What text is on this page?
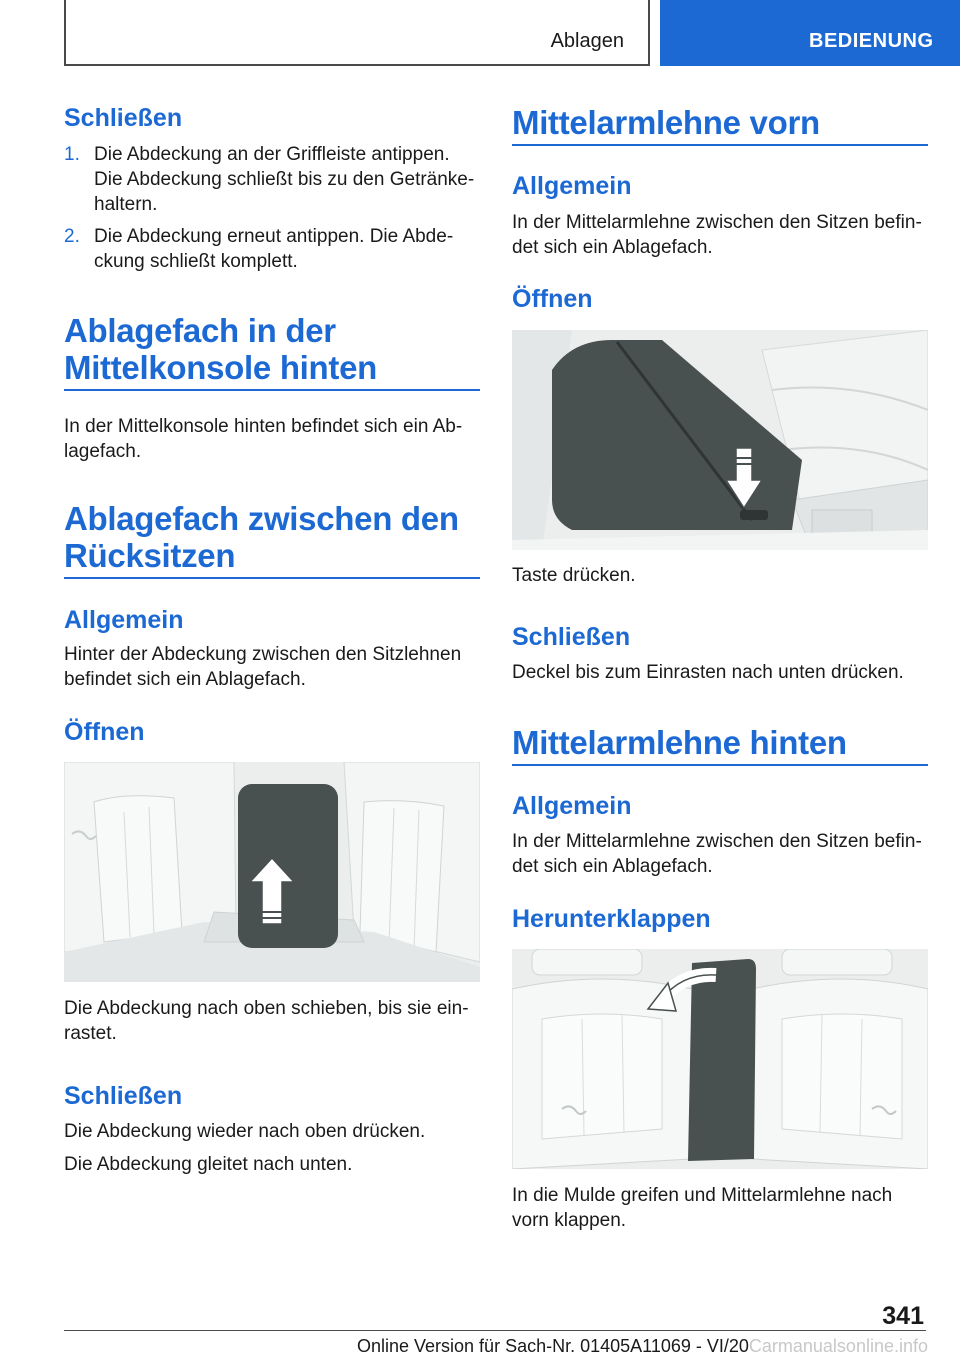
Ablagen	BEDIENUNG
Schließen
1. Die Abdeckung an der Griffleiste antippen. Die Abdeckung schließt bis zu den Getränkehaltern.
2. Die Abdeckung erneut antippen. Die Abdeckung schließt komplett.
Ablagefach in der Mittelkonsole hinten
In der Mittelkonsole hinten befindet sich ein Ablagefach.
Ablagefach zwischen den Rücksitzen
Allgemein
Hinter der Abdeckung zwischen den Sitzlehnen befindet sich ein Ablagefach.
Öffnen
Die Abdeckung nach oben schieben, bis sie einrastet.
Schließen
Die Abdeckung wieder nach oben drücken.
Die Abdeckung gleitet nach unten.
Mittelarmlehne vorn
Allgemein
In der Mittelarmlehne zwischen den Sitzen befindet sich ein Ablagefach.
Öffnen
Taste drücken.
Schließen
Deckel bis zum Einrasten nach unten drücken.
Mittelarmlehne hinten
Allgemein
In der Mittelarmlehne zwischen den Sitzen befindet sich ein Ablagefach.
Herunterklappen
In die Mulde greifen und Mittelarmlehne nach vorn klappen.
341
Online Version für Sach-Nr. 01405A11069 - VI/20Carmanualsonline.info
